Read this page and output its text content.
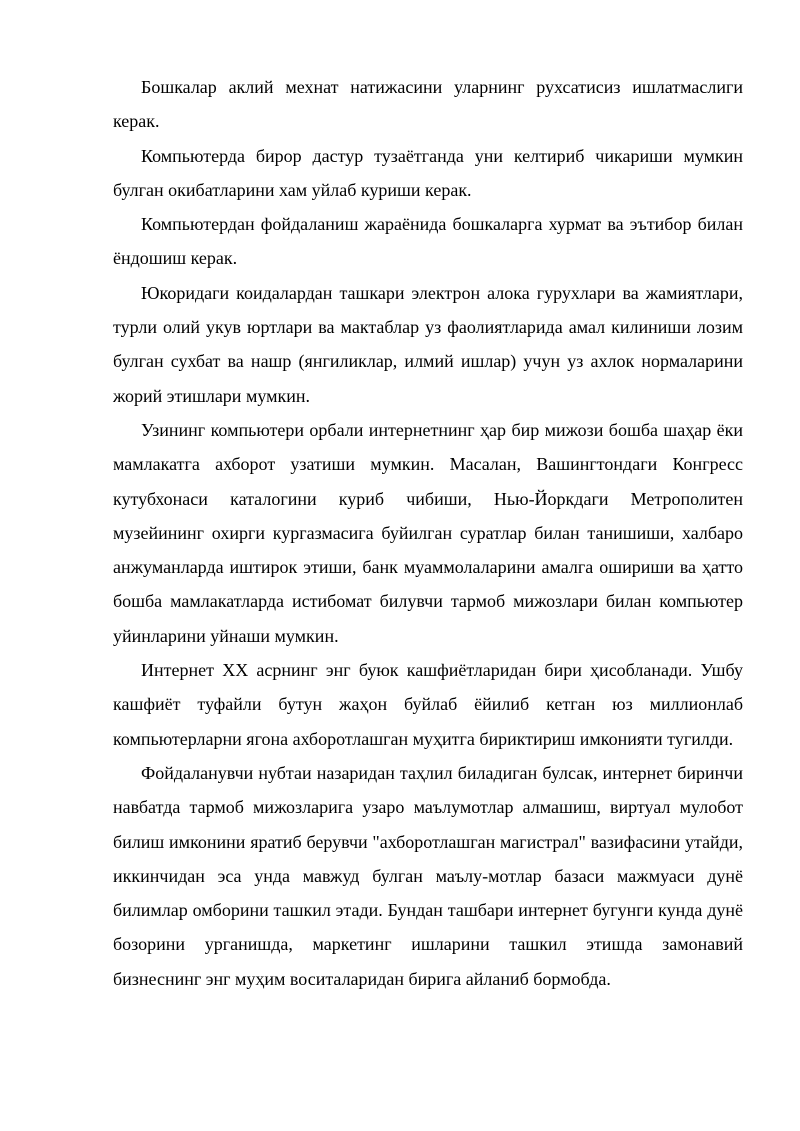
Бошкалар аклий мехнат натижасини уларнинг рухсатисиз ишлатмаслиги керак.

Компьютерда бирор дастур тузаётганда уни келтириб чикариши мумкин булган окибатларини хам уйлаб куриши керак.

Компьютердан фойдаланиш жараёнида бошкаларга хурмат ва эътибор билан ёндошиш керак.

Юкоридаги коидалардан ташкари электрон алока гурухлари ва жамиятлари, турли олий укув юртлари ва мактаблар уз фаолиятларида амал килиниши лозим булган сухбат ва нашр (янгиликлар, илмий ишлар) учун уз ахлок нормаларини жорий этишлари мумкин.

Узининг компьютери орбали интернетнинг ҳар бир мижози бошба шаҳар ёки мамлакатга ахборот узатиши мумкин. Масалан, Вашингтондаги Конгресс кутубхонаси каталогини куриб чибиши, Нью-Йоркдаги Метрополитен музейининг охирги кургазмасига буйилган суратлар билан танишиши, халбаро анжуманларда иштирок этиши, банк муаммолаларини амалга ошириши ва ҳатто бошба мамлакатларда истибомат билувчи тармоб мижозлари билан компьютер уйинларини уйнаши мумкин.

Интернет XX асрнинг энг буюк кашфиётларидан бири ҳисобланади. Ушбу кашфиёт туфайли бутун жаҳон буйлаб ёйилиб кетган юз миллионлаб компьютерларни ягона ахборотлашган муҳитга бириктириш имконияти тугилди.

Фойдаланувчи нубтаи назаридан таҳлил биладиган булсак, интернет биринчи навбатда тармоб мижозларига узаро маълумотлар алмашиш, виртуал мулобот билиш имконини яратиб берувчи "ахборотлашган магистрал" вазифасини утайди, иккинчидан эса унда мавжуд булган маълу-мотлар базаси мажмуаси дунё билимлар омборини ташкил этади. Бундан ташбари интернет бугунги кунда дунё бозорини урганишда, маркетинг ишларини ташкил этишда замонавий бизнеснинг энг муҳим воситаларидан бирига айланиб бормобда.
